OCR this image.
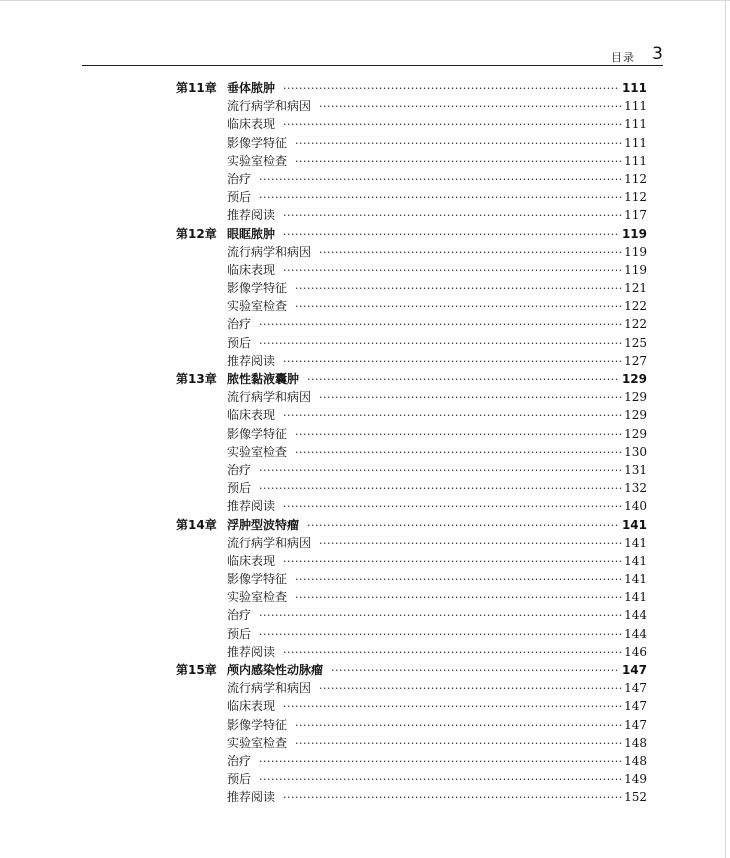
目录 3
第11章 垂体脓肿 ·····	111
流行病学和病因 ·····	111
临床表现 ·····	111
影像学特征 ·····	111
实验室检查 ·····	111
治疗 ·····	112
预后 ·····	112
推荐阅读 ·····	117
第12章 眼眶脓肿 ·····	119
流行病学和病因 ·····	119
临床表现 ·····	119
影像学特征 ·····	121
实验室检查 ·····	122
治疗 ·····	122
预后 ·····	125
推荐阅读 ·····	127
第13章 脓性黏液囊肿 ·····	129
流行病学和病因 ·····	129
临床表现 ·····	129
影像学特征 ·····	129
实验室检查 ·····	130
治疗 ·····	131
预后 ·····	132
推荐阅读 ·····	140
第14章 浮肿型波特瘤 ·····	141
流行病学和病因 ·····	141
临床表现 ·····	141
影像学特征 ·····	141
实验室检查 ·····	141
治疗 ·····	144
预后 ·····	144
推荐阅读 ·····	146
第15章 颅内感染性动脉瘤 ·····	147
流行病学和病因 ·····	147
临床表现 ·····	147
影像学特征 ·····	147
实验室检查 ·····	148
治疗 ·····	148
预后 ·····	149
推荐阅读 ·····	152
